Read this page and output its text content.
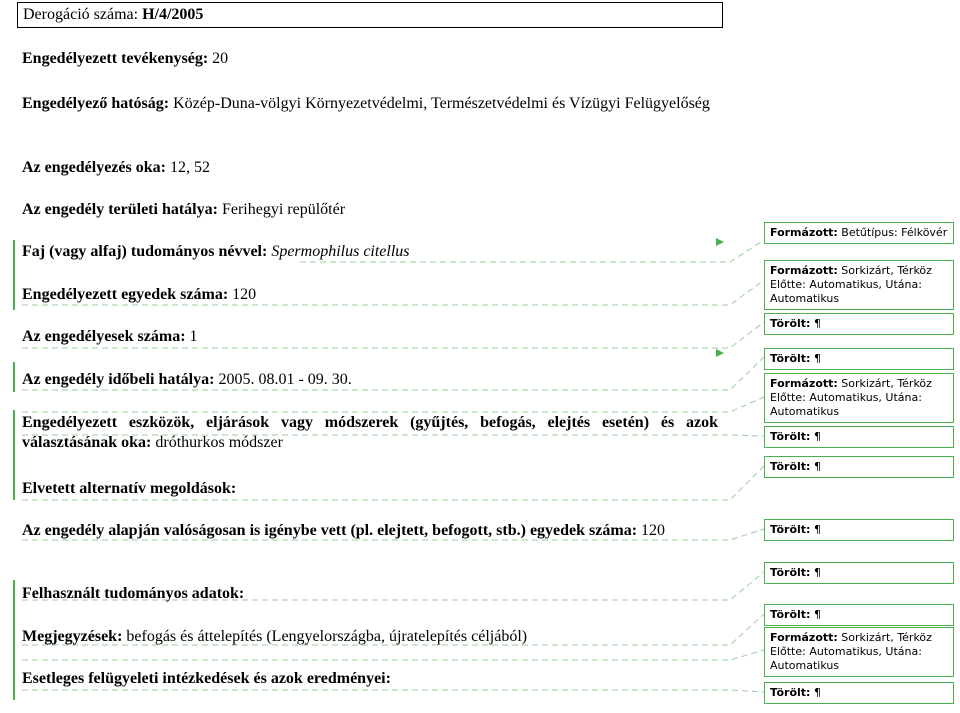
Derogáció száma: H/4/2005
Engedélyezett tevékenység: 20
Engedélyező hatóság: Közép-Duna-völgyi Környezetvédelmi, Természetvédelmi és Vízügyi Felügyelőség
Az engedélyezés oka: 12, 52
Az engedély területi hatálya: Ferihegyi repülőtér
Faj (vagy alfaj) tudományos névvel: Spermophilus citellus
Engedélyezett egyedek száma: 120
Az engedélyesek száma: 1
Az engedély időbeli hatálya: 2005. 08.01 - 09. 30.
Engedélyezett eszközök, eljárások vagy módszerek (gyűjtés, befogás, elejtés esetén) és azok választásának oka: dróthurkos módszer
Elvetett alternatív megoldások:
Az engedély alapján valóságosan is igénybe vett (pl. elejtett, befogott, stb.) egyedek száma: 120
Felhasznált tudományos adatok:
Megjegyzések: befogás és áttelepítés (Lengyelországba, újratelepítés céljából)
Esetleges felügyeleti intézkedések és azok eredményei:
Formázott: Betűtípus: Félkövér
Formázott: Sorkizárt, Térköz Előtte: Automatikus, Utána: Automatikus
Törölt: ¶
Törölt: ¶
Formázott: Sorkizárt, Térköz Előtte: Automatikus, Utána: Automatikus
Törölt: ¶
Törölt: ¶
Törölt: ¶
Törölt: ¶
Törölt: ¶
Formázott: Sorkizárt, Térköz Előtte: Automatikus, Utána: Automatikus
Törölt: ¶
